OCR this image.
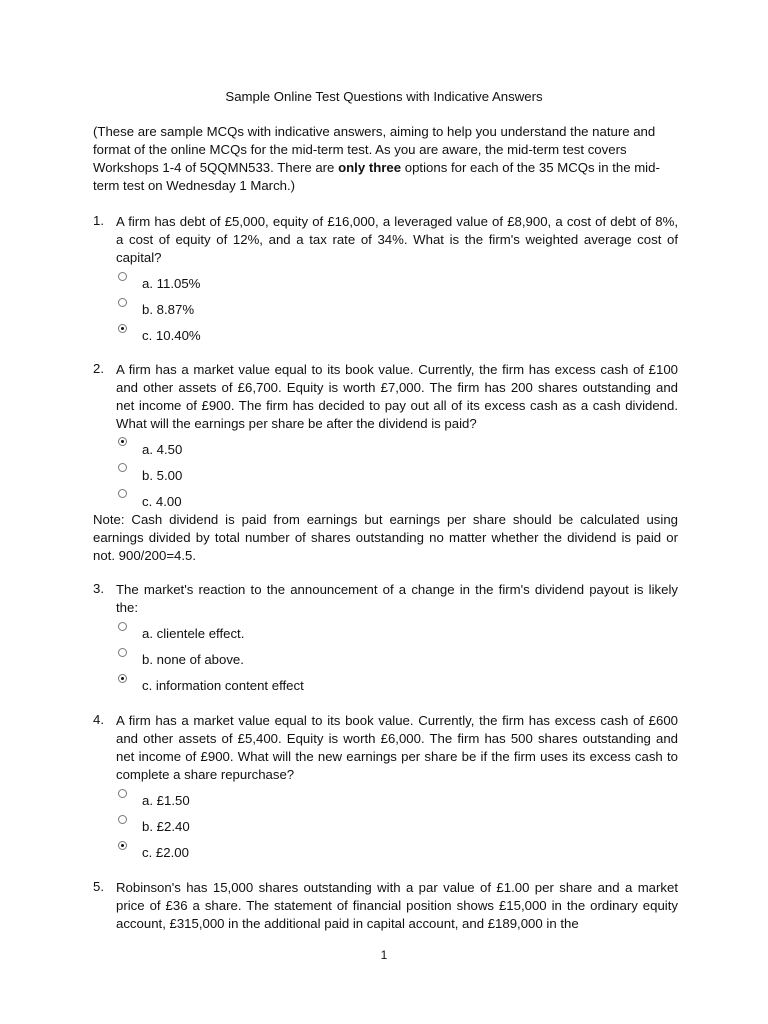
Sample Online Test Questions with Indicative Answers
(These are sample MCQs with indicative answers, aiming to help you understand the nature and format of the online MCQs for the mid-term test. As you are aware, the mid-term test covers Workshops 1-4 of 5QQMN533. There are only three options for each of the 35 MCQs in the mid-term test on Wednesday 1 March.)
1. A firm has debt of £5,000, equity of £16,000, a leveraged value of £8,900, a cost of debt of 8%, a cost of equity of 12%, and a tax rate of 34%. What is the firm's weighted average cost of capital?
a. 11.05%
b. 8.87%
c. 10.40%
2. A firm has a market value equal to its book value. Currently, the firm has excess cash of £100 and other assets of £6,700. Equity is worth £7,000. The firm has 200 shares outstanding and net income of £900. The firm has decided to pay out all of its excess cash as a cash dividend. What will the earnings per share be after the dividend is paid?
a. 4.50
b. 5.00
c. 4.00
Note: Cash dividend is paid from earnings but earnings per share should be calculated using earnings divided by total number of shares outstanding no matter whether the dividend is paid or not. 900/200=4.5.
3. The market's reaction to the announcement of a change in the firm's dividend payout is likely the:
a. clientele effect.
b. none of above.
c. information content effect
4. A firm has a market value equal to its book value. Currently, the firm has excess cash of £600 and other assets of £5,400. Equity is worth £6,000. The firm has 500 shares outstanding and net income of £900. What will the new earnings per share be if the firm uses its excess cash to complete a share repurchase?
a. £1.50
b. £2.40
c. £2.00
5. Robinson's has 15,000 shares outstanding with a par value of £1.00 per share and a market price of £36 a share. The statement of financial position shows £15,000 in the ordinary equity account, £315,000 in the additional paid in capital account, and £189,000 in the
1
